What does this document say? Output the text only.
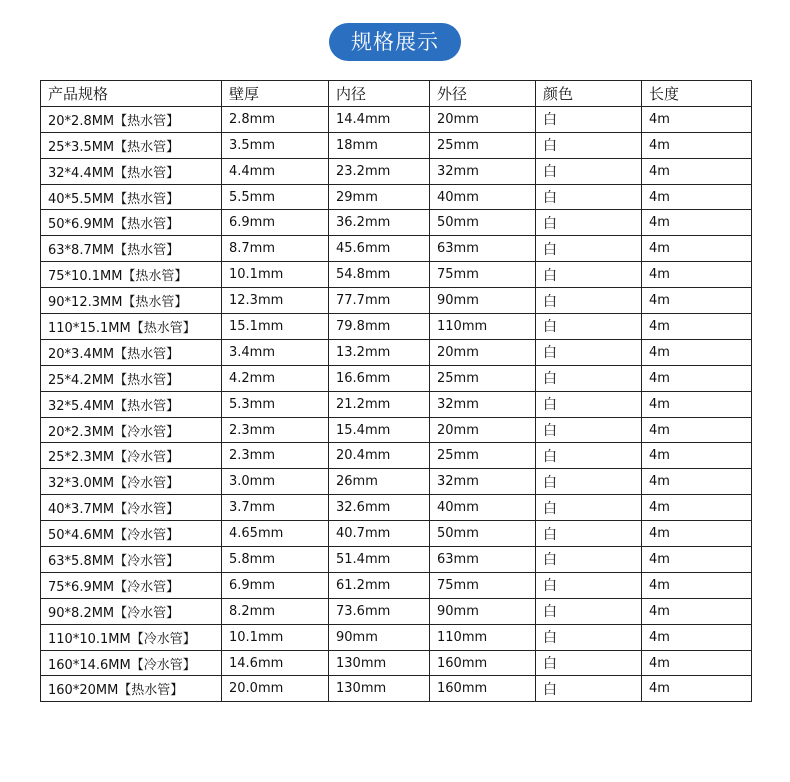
规格展示
产品规格	壁厚	内径	外径	颜色	长度
20*2.8MM【热水管】	2.8mm	14.4mm	20mm	白	4m
25*3.5MM【热水管】	3.5mm	18mm	25mm	白	4m
32*4.4MM【热水管】	4.4mm	23.2mm	32mm	白	4m
40*5.5MM【热水管】	5.5mm	29mm	40mm	白	4m
50*6.9MM【热水管】	6.9mm	36.2mm	50mm	白	4m
63*8.7MM【热水管】	8.7mm	45.6mm	63mm	白	4m
75*10.1MM【热水管】	10.1mm	54.8mm	75mm	白	4m
90*12.3MM【热水管】	12.3mm	77.7mm	90mm	白	4m
110*15.1MM【热水管】	15.1mm	79.8mm	110mm	白	4m
20*3.4MM【热水管】	3.4mm	13.2mm	20mm	白	4m
25*4.2MM【热水管】	4.2mm	16.6mm	25mm	白	4m
32*5.4MM【热水管】	5.3mm	21.2mm	32mm	白	4m
20*2.3MM【冷水管】	2.3mm	15.4mm	20mm	白	4m
25*2.3MM【冷水管】	2.3mm	20.4mm	25mm	白	4m
32*3.0MM【冷水管】	3.0mm	26mm	32mm	白	4m
40*3.7MM【冷水管】	3.7mm	32.6mm	40mm	白	4m
50*4.6MM【冷水管】	4.65mm	40.7mm	50mm	白	4m
63*5.8MM【冷水管】	5.8mm	51.4mm	63mm	白	4m
75*6.9MM【冷水管】	6.9mm	61.2mm	75mm	白	4m
90*8.2MM【冷水管】	8.2mm	73.6mm	90mm	白	4m
110*10.1MM【冷水管】	10.1mm	90mm	110mm	白	4m
160*14.6MM【冷水管】	14.6mm	130mm	160mm	白	4m
160*20MM【热水管】	20.0mm	130mm	160mm	白	4m
